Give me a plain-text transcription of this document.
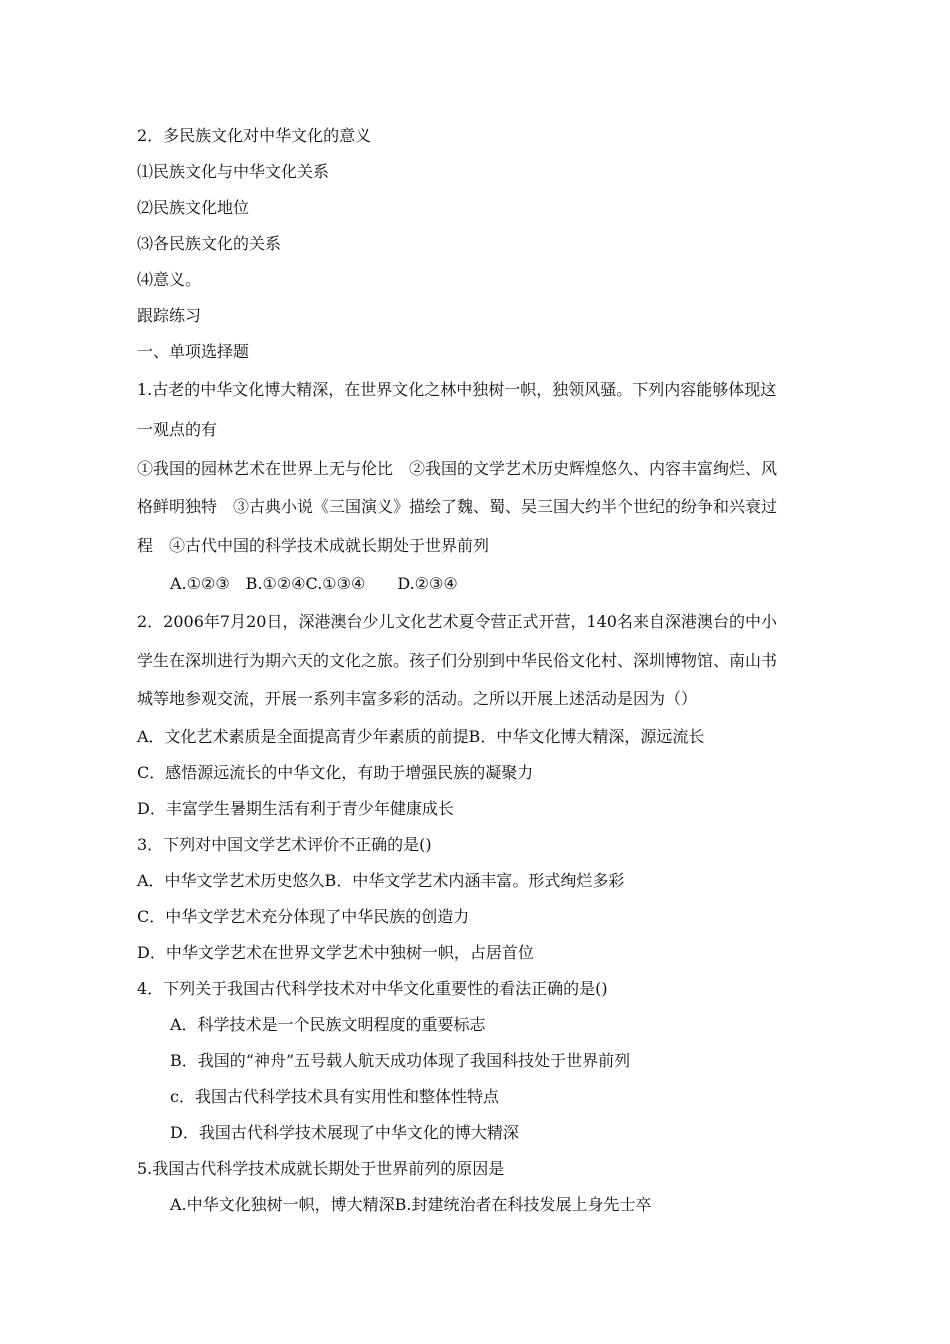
2．多民族文化对中华文化的意义
⑴民族文化与中华文化关系
⑵民族文化地位
⑶各民族文化的关系
⑷意义。
跟踪练习
一、单项选择题
1.古老的中华文化博大精深，在世界文化之林中独树一帜，独领风骚。下列内容能够体现这
一观点的有
①我国的园林艺术在世界上无与伦比　②我国的文学艺术历史辉煌悠久、内容丰富绚烂、风
格鲜明独特　③古典小说《三国演义》描绘了魏、蜀、吴三国大约半个世纪的纷争和兴衰过
程　④古代中国的科学技术成就长期处于世界前列
A.①②③　B.①②④C.①③④　　D.②③④
2．2006年7月20日，深港澳台少儿文化艺术夏令营正式开营，140名来自深港澳台的中小
学生在深圳进行为期六天的文化之旅。孩子们分别到中华民俗文化村、深圳博物馆、南山书
城等地参观交流，开展一系列丰富多彩的活动。之所以开展上述活动是因为（）
A．文化艺术素质是全面提高青少年素质的前提B．中华文化博大精深，源远流长
C．感悟源远流长的中华文化，有助于增强民族的凝聚力
D．丰富学生暑期生活有利于青少年健康成长
3．下列对中国文学艺术评价不正确的是()
A．中华文学艺术历史悠久B．中华文学艺术内涵丰富。形式绚烂多彩
C．中华文学艺术充分体现了中华民族的创造力
D．中华文学艺术在世界文学艺术中独树一帜，占居首位
4．下列关于我国古代科学技术对中华文化重要性的看法正确的是()
A．科学技术是一个民族文明程度的重要标志
B．我国的“神舟”五号载人航天成功体现了我国科技处于世界前列
c．我国古代科学技术具有实用性和整体性特点
D．我国古代科学技术展现了中华文化的博大精深
5.我国古代科学技术成就长期处于世界前列的原因是
A.中华文化独树一帜，博大精深B.封建统治者在科技发展上身先士卒
